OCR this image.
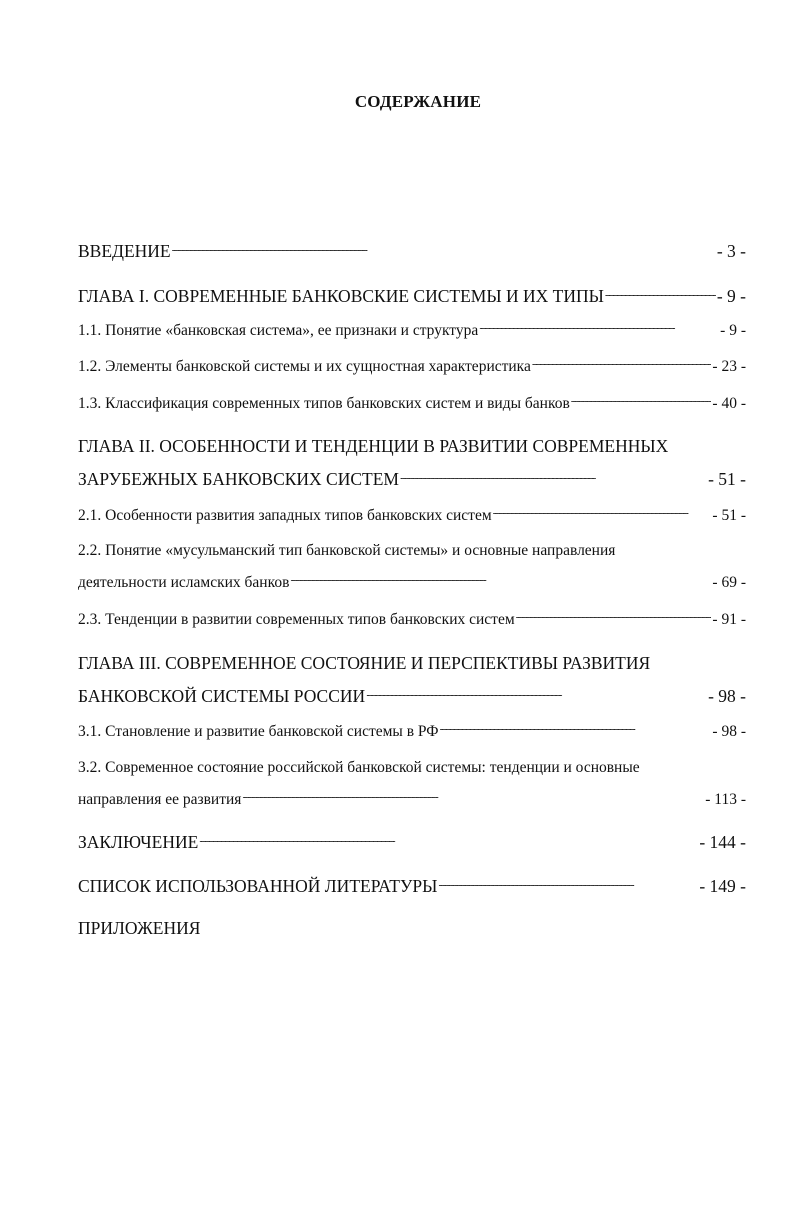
СОДЕРЖАНИЕ
ВВЕДЕНИЕ . . .	- 3 -
ГЛАВА I. СОВРЕМЕННЫЕ БАНКОВСКИЕ СИСТЕМЫ И ИХ ТИПЫ . . .	- 9 -
1.1. Понятие «банковская система», ее признаки и структура . . .	- 9 -
1.2. Элементы банковской системы и их сущностная характеристика . . .	- 23 -
1.3. Классификация современных типов банковских систем и виды банков . . .	- 40 -
ГЛАВА II. ОСОБЕННОСТИ И ТЕНДЕНЦИИ В РАЗВИТИИ СОВРЕМЕННЫХ
ЗАРУБЕЖНЫХ БАНКОВСКИХ СИСТЕМ . . .	- 51 -
2.1. Особенности развития западных типов банковских систем . . .	- 51 -
2.2. Понятие «мусульманский тип банковской системы» и основные направления
деятельности исламских банков . . .	- 69 -
2.3. Тенденции в развитии современных типов банковских систем . . .	- 91 -
ГЛАВА III. СОВРЕМЕННОЕ СОСТОЯНИЕ И ПЕРСПЕКТИВЫ РАЗВИТИЯ
БАНКОВСКОЙ СИСТЕМЫ РОССИИ . . .	- 98 -
3.1. Становление и развитие банковской системы в РФ . . .	- 98 -
3.2. Современное состояние российской банковской системы: тенденции и основные
направления ее развития . . .	- 113 -
ЗАКЛЮЧЕНИЕ . . .	- 144 -
СПИСОК ИСПОЛЬЗОВАННОЙ ЛИТЕРАТУРЫ . . .	- 149 -
ПРИЛОЖЕНИЯ
